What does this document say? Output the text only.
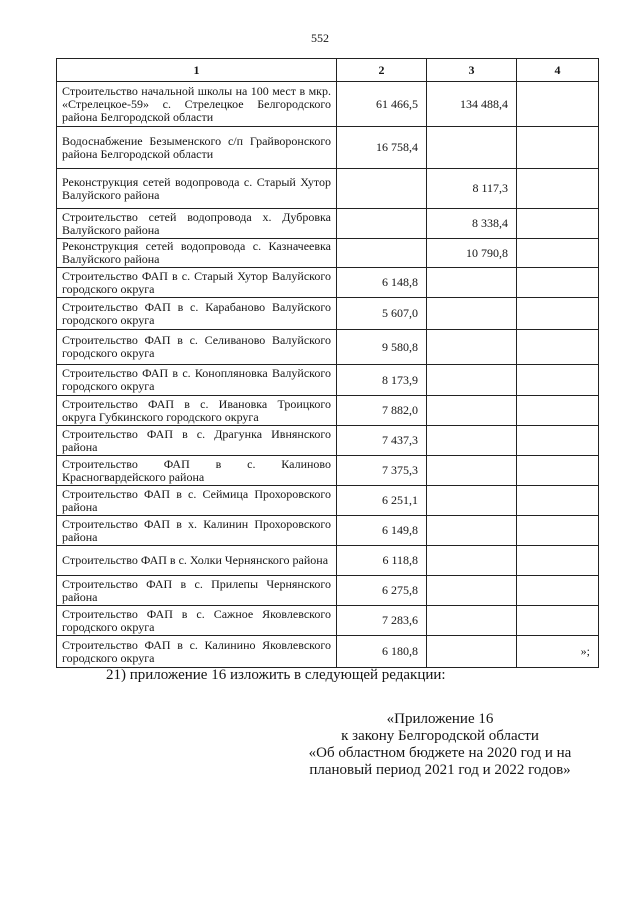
552
1	2	3	4
Строительство начальной школы на 100 мест в мкр. «Стрелецкое-59» с. Стрелецкое Белгородского района Белгородской области	61 466,5	134 488,4	
Водоснабжение Безыменского с/п Грайворонского района Белгородской области	16 758,4		
Реконструкция сетей водопровода с. Старый Хутор Валуйского района		8 117,3	
Строительство сетей водопровода х. Дубровка Валуйского района		8 338,4	
Реконструкция сетей водопровода с. Казначеевка Валуйского района		10 790,8	
Строительство ФАП в с. Старый Хутор Валуйского городского округа	6 148,8		
Строительство ФАП в с. Карабаново Валуйского городского округа	5 607,0		
Строительство ФАП в с. Селиваново Валуйского городского округа	9 580,8		
Строительство ФАП в с. Конопляновка Валуйского городского округа	8 173,9		
Строительство ФАП в с. Ивановка Троицкого округа Губкинского городского округа	7 882,0		
Строительство ФАП в с. Драгунка Ивнянского района	7 437,3		
Строительство ФАП в с. Калиново Красногвардейского района	7 375,3		
Строительство ФАП в с. Сеймица Прохоровского района	6 251,1		
Строительство ФАП в х. Калинин Прохоровского района	6 149,8		
Строительство ФАП в с. Холки Чернянского района	6 118,8		
Строительство ФАП в с. Прилепы Чернянского района	6 275,8		
Строительство ФАП в с. Сажное Яковлевского городского округа	7 283,6		
Строительство ФАП в с. Калинино Яковлевского городского округа	6 180,8		»;
21) приложение 16 изложить в следующей редакции:
«Приложение 16
к закону Белгородской области
«Об областном бюджете на 2020 год и на
плановый период 2021 год и 2022 годов»
